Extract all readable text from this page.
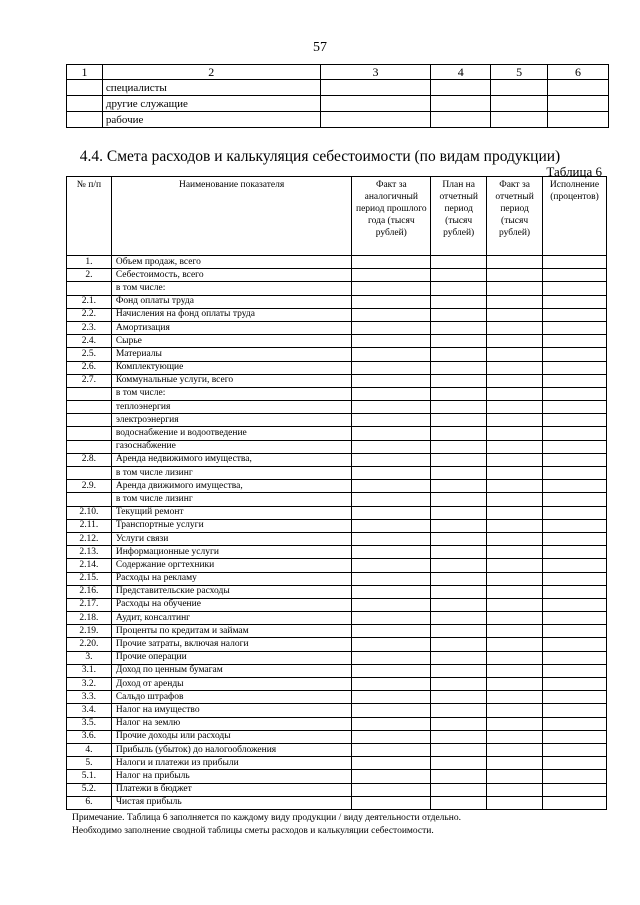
57
1	2	3	4	5	6
	специалисты				
	другие служащие				
	рабочие				
4.4. Смета расходов и калькуляция себестоимости (по видам продукции)
Таблица 6
№ п/п	Наименование показателя	Факт за аналогичный период прошлого года (тысяч рублей)	План на отчетный период (тысяч рублей)	Факт за отчетный период (тысяч рублей)	Исполнение (процентов)
1.	Объем продаж, всего				
2.	Себестоимость, всего				
	в том числе:				
2.1.	Фонд оплаты труда				
2.2.	Начисления на фонд оплаты труда				
2.3.	Амортизация				
2.4.	Сырье				
2.5.	Материалы				
2.6.	Комплектующие				
2.7.	Коммунальные услуги, всего				
	в том числе:				
	теплоэнергия				
	электроэнергия				
	водоснабжение и водоотведение				
	газоснабжение				
2.8.	Аренда недвижимого имущества,				
	в том числе лизинг				
2.9.	Аренда движимого имущества,				
	в том числе лизинг				
2.10.	Текущий ремонт				
2.11.	Транспортные услуги				
2.12.	Услуги связи				
2.13.	Информационные услуги				
2.14.	Содержание оргтехники				
2.15.	Расходы на рекламу				
2.16.	Представительские расходы				
2.17.	Расходы на обучение				
2.18.	Аудит, консалтинг				
2.19.	Проценты по кредитам и займам				
2.20.	Прочие затраты, включая налоги				
3.	Прочие операции				
3.1.	Доход по ценным бумагам				
3.2.	Доход от аренды				
3.3.	Сальдо штрафов				
3.4.	Налог на имущество				
3.5.	Налог на землю				
3.6.	Прочие доходы или расходы				
4.	Прибыль (убыток) до налогообложения				
5.	Налоги и платежи из прибыли				
5.1.	Налог на прибыль				
5.2.	Платежи в бюджет				
6.	Чистая прибыль				
Примечание. Таблица 6 заполняется по каждому виду продукции / виду деятельности отдельно.
Необходимо заполнение сводной таблицы сметы расходов и калькуляции себестоимости.
